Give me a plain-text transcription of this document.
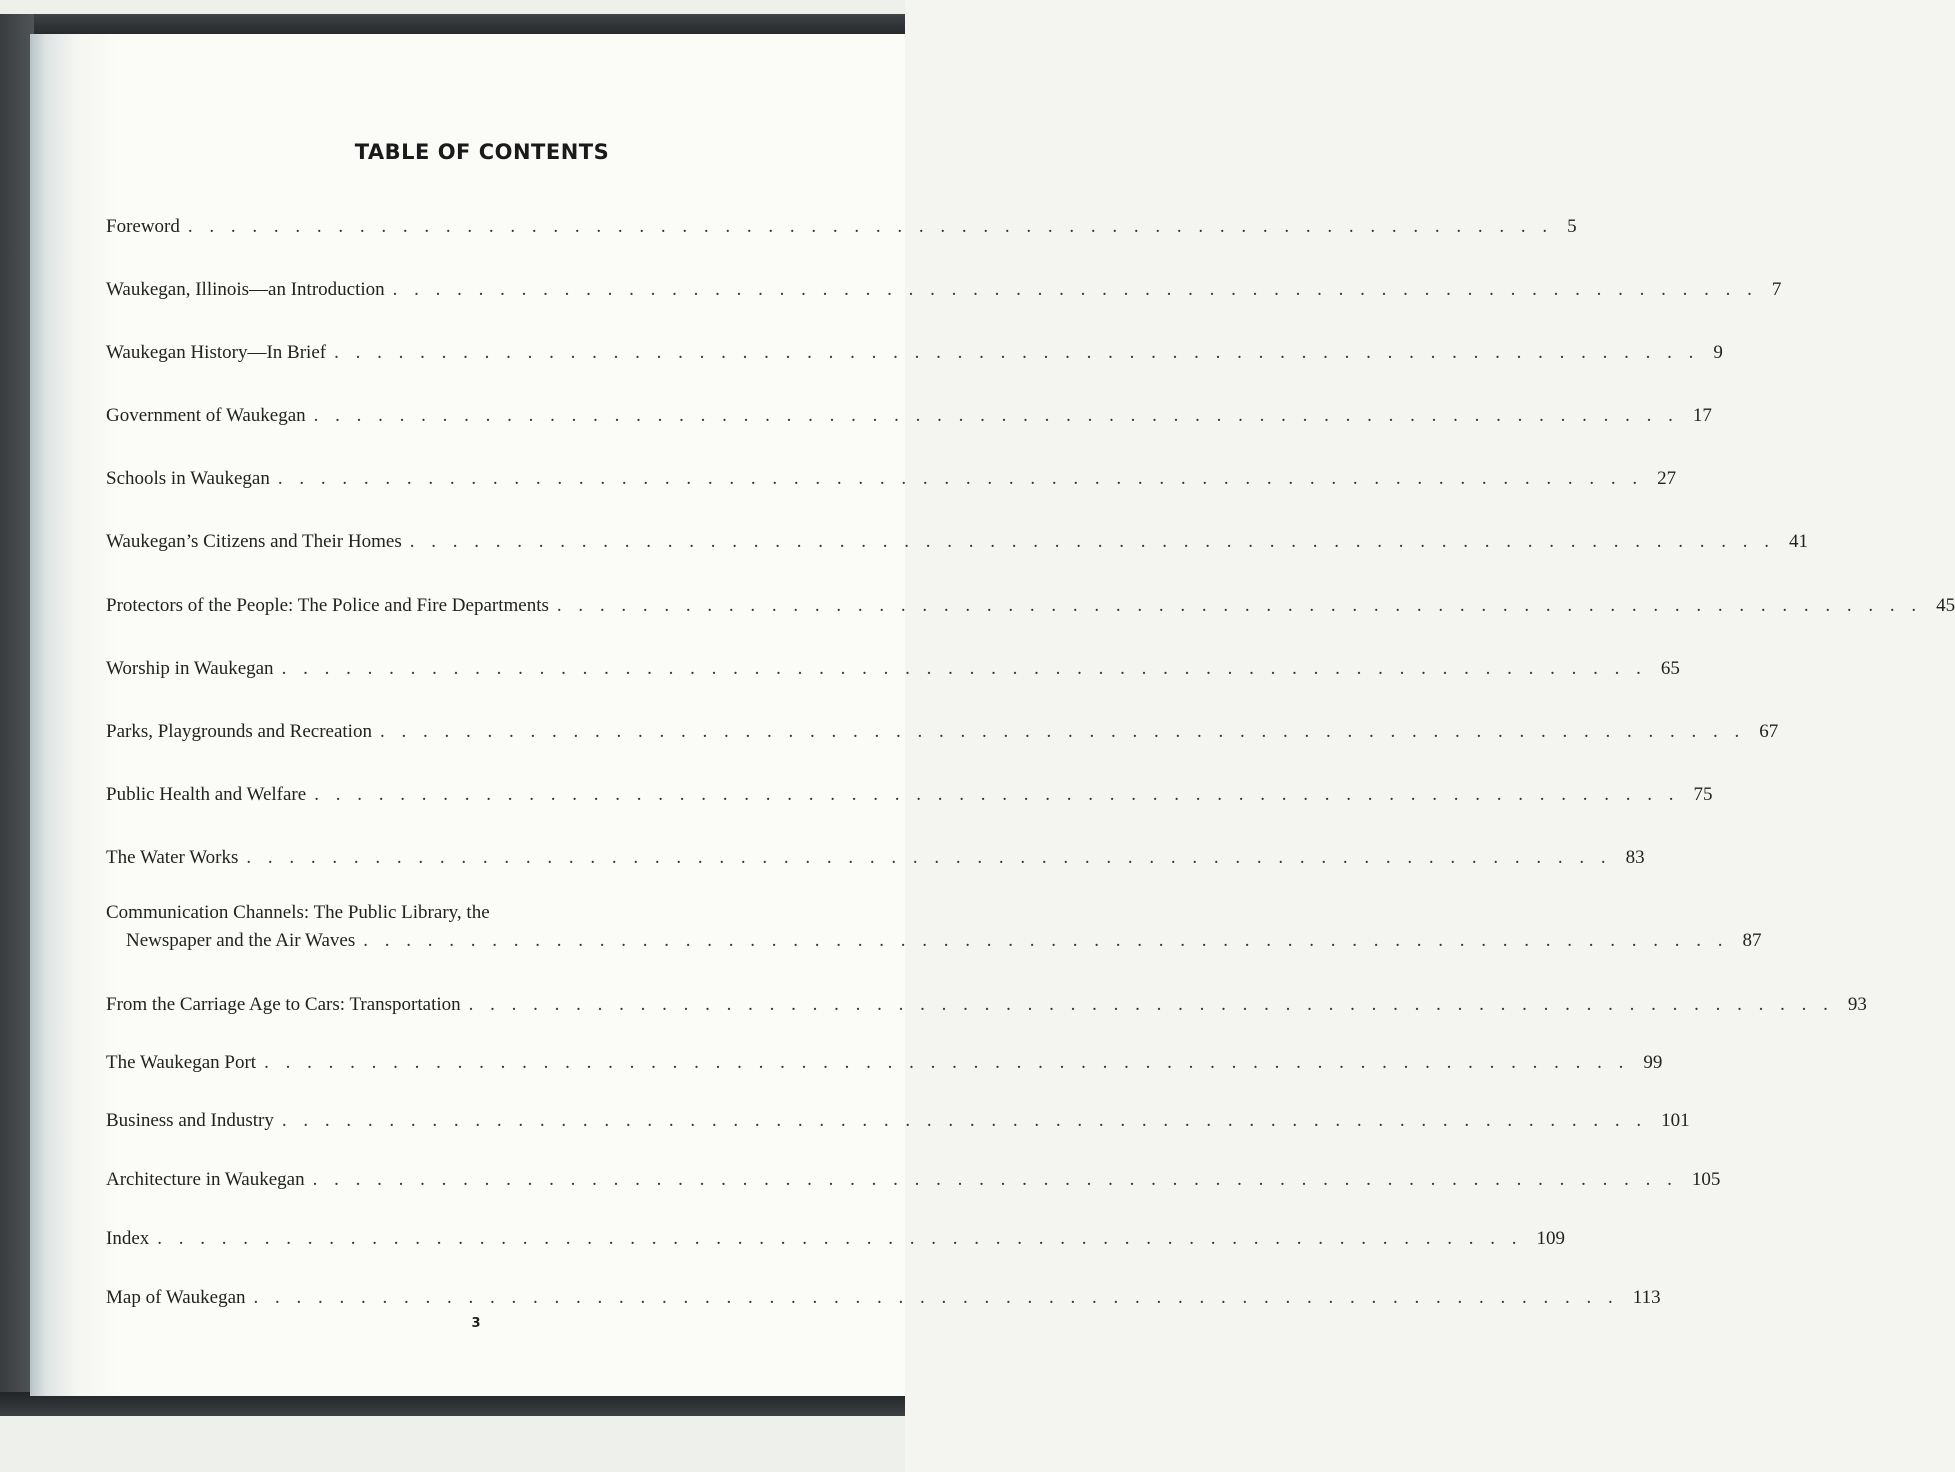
TABLE OF CONTENTS
Foreword . . . . . . . . . . . . . . . . . . . . . . . . . . . . . . . . . . . . . . . . . . . . . . . . . . . . . . . . . . . . . . . . 5
Waukegan, Illinois—an Introduction . . . . . . . . . . . . . . . . . . . . . . . . . . . . . . . . . . . . . . . . . . . . . . . . . . . . . . . . . . . . . . . . 7
Waukegan History—In Brief . . . . . . . . . . . . . . . . . . . . . . . . . . . . . . . . . . . . . . . . . . . . . . . . . . . . . . . . . . . . . . . . 9
Government of Waukegan . . . . . . . . . . . . . . . . . . . . . . . . . . . . . . . . . . . . . . . . . . . . . . . . . . . . . . . . . . . . . . . . 17
Schools in Waukegan . . . . . . . . . . . . . . . . . . . . . . . . . . . . . . . . . . . . . . . . . . . . . . . . . . . . . . . . . . . . . . . . 27
Waukegan’s Citizens and Their Homes . . . . . . . . . . . . . . . . . . . . . . . . . . . . . . . . . . . . . . . . . . . . . . . . . . . . . . . . . . . . . . . . 41
Protectors of the People: The Police and Fire Departments . . . . . . . . . . . . . . . . . . . . . . . . . . . . . . . . . . . . . . . . . . . . . . . . . . . . . . . . . . . . . . . . 45
Worship in Waukegan . . . . . . . . . . . . . . . . . . . . . . . . . . . . . . . . . . . . . . . . . . . . . . . . . . . . . . . . . . . . . . . . 65
Parks, Playgrounds and Recreation . . . . . . . . . . . . . . . . . . . . . . . . . . . . . . . . . . . . . . . . . . . . . . . . . . . . . . . . . . . . . . . . 67
Public Health and Welfare . . . . . . . . . . . . . . . . . . . . . . . . . . . . . . . . . . . . . . . . . . . . . . . . . . . . . . . . . . . . . . . . 75
The Water Works . . . . . . . . . . . . . . . . . . . . . . . . . . . . . . . . . . . . . . . . . . . . . . . . . . . . . . . . . . . . . . . . 83
Communication Channels: The Public Library, the
Newspaper and the Air Waves . . . . . . . . . . . . . . . . . . . . . . . . . . . . . . . . . . . . . . . . . . . . . . . . . . . . . . . . . . . . . . . . 87
From the Carriage Age to Cars: Transportation . . . . . . . . . . . . . . . . . . . . . . . . . . . . . . . . . . . . . . . . . . . . . . . . . . . . . . . . . . . . . . . . 93
The Waukegan Port . . . . . . . . . . . . . . . . . . . . . . . . . . . . . . . . . . . . . . . . . . . . . . . . . . . . . . . . . . . . . . . . 99
Business and Industry . . . . . . . . . . . . . . . . . . . . . . . . . . . . . . . . . . . . . . . . . . . . . . . . . . . . . . . . . . . . . . . . 101
Architecture in Waukegan . . . . . . . . . . . . . . . . . . . . . . . . . . . . . . . . . . . . . . . . . . . . . . . . . . . . . . . . . . . . . . . . 105
Index . . . . . . . . . . . . . . . . . . . . . . . . . . . . . . . . . . . . . . . . . . . . . . . . . . . . . . . . . . . . . . . . 109
Map of Waukegan . . . . . . . . . . . . . . . . . . . . . . . . . . . . . . . . . . . . . . . . . . . . . . . . . . . . . . . . . . . . . . . . 113
3
